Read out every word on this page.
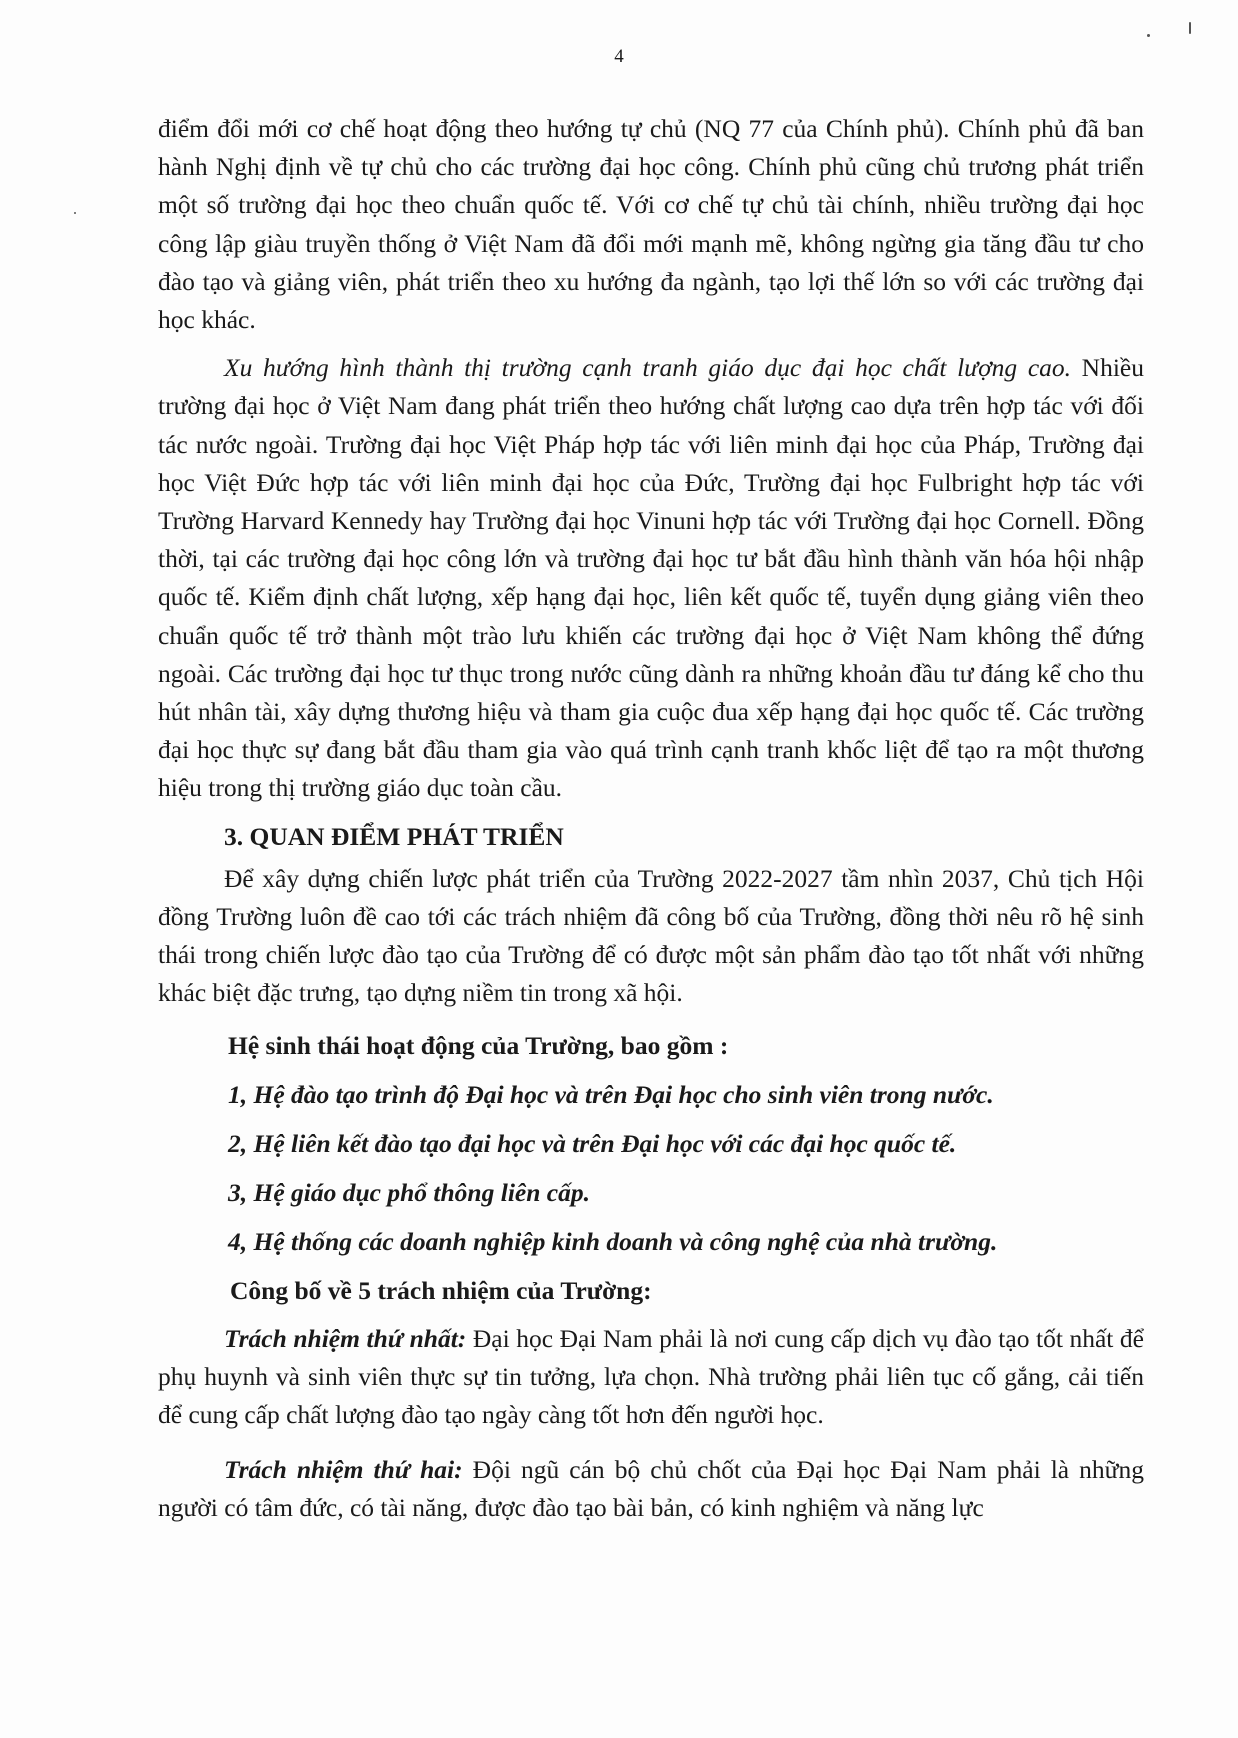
4

điểm đổi mới cơ chế hoạt động theo hướng tự chủ (NQ 77 của Chính phủ). Chính phủ đã ban hành Nghị định về tự chủ cho các trường đại học công. Chính phủ cũng chủ trương phát triển một số trường đại học theo chuẩn quốc tế. Với cơ chế tự chủ tài chính, nhiều trường đại học công lập giàu truyền thống ở Việt Nam đã đổi mới mạnh mẽ, không ngừng gia tăng đầu tư cho đào tạo và giảng viên, phát triển theo xu hướng đa ngành, tạo lợi thế lớn so với các trường đại học khác.

Xu hướng hình thành thị trường cạnh tranh giáo dục đại học chất lượng cao. Nhiều trường đại học ở Việt Nam đang phát triển theo hướng chất lượng cao dựa trên hợp tác với đối tác nước ngoài. Trường đại học Việt Pháp hợp tác với liên minh đại học của Pháp, Trường đại học Việt Đức hợp tác với liên minh đại học của Đức, Trường đại học Fulbright hợp tác với Trường Harvard Kennedy hay Trường đại học Vinuni hợp tác với Trường đại học Cornell. Đồng thời, tại các trường đại học công lớn và trường đại học tư bắt đầu hình thành văn hóa hội nhập quốc tế. Kiểm định chất lượng, xếp hạng đại học, liên kết quốc tế, tuyển dụng giảng viên theo chuẩn quốc tế trở thành một trào lưu khiến các trường đại học ở Việt Nam không thể đứng ngoài. Các trường đại học tư thục trong nước cũng dành ra những khoản đầu tư đáng kể cho thu hút nhân tài, xây dựng thương hiệu và tham gia cuộc đua xếp hạng đại học quốc tế. Các trường đại học thực sự đang bắt đầu tham gia vào quá trình cạnh tranh khốc liệt để tạo ra một thương hiệu trong thị trường giáo dục toàn cầu.

3. QUAN ĐIỂM PHÁT TRIỂN

Để xây dựng chiến lược phát triển của Trường 2022-2027 tầm nhìn 2037, Chủ tịch Hội đồng Trường luôn đề cao tới các trách nhiệm đã công bố của Trường, đồng thời nêu rõ hệ sinh thái trong chiến lược đào tạo của Trường để có được một sản phẩm đào tạo tốt nhất với những khác biệt đặc trưng, tạo dựng niềm tin trong xã hội.

Hệ sinh thái hoạt động của Trường, bao gồm :

1, Hệ đào tạo trình độ Đại học và trên Đại học cho sinh viên trong nước.

2, Hệ liên kết đào tạo đại học và trên Đại học với các đại học quốc tế.

3, Hệ giáo dục phổ thông liên cấp.

4, Hệ thống các doanh nghiệp kinh doanh và công nghệ của nhà trường.

Công bố về 5 trách nhiệm của Trường:

Trách nhiệm thứ nhất: Đại học Đại Nam phải là nơi cung cấp dịch vụ đào tạo tốt nhất để phụ huynh và sinh viên thực sự tin tưởng, lựa chọn. Nhà trường phải liên tục cố gắng, cải tiến để cung cấp chất lượng đào tạo ngày càng tốt hơn đến người học.

Trách nhiệm thứ hai: Đội ngũ cán bộ chủ chốt của Đại học Đại Nam phải là những người có tâm đức, có tài năng, được đào tạo bài bản, có kinh nghiệm và năng lực
